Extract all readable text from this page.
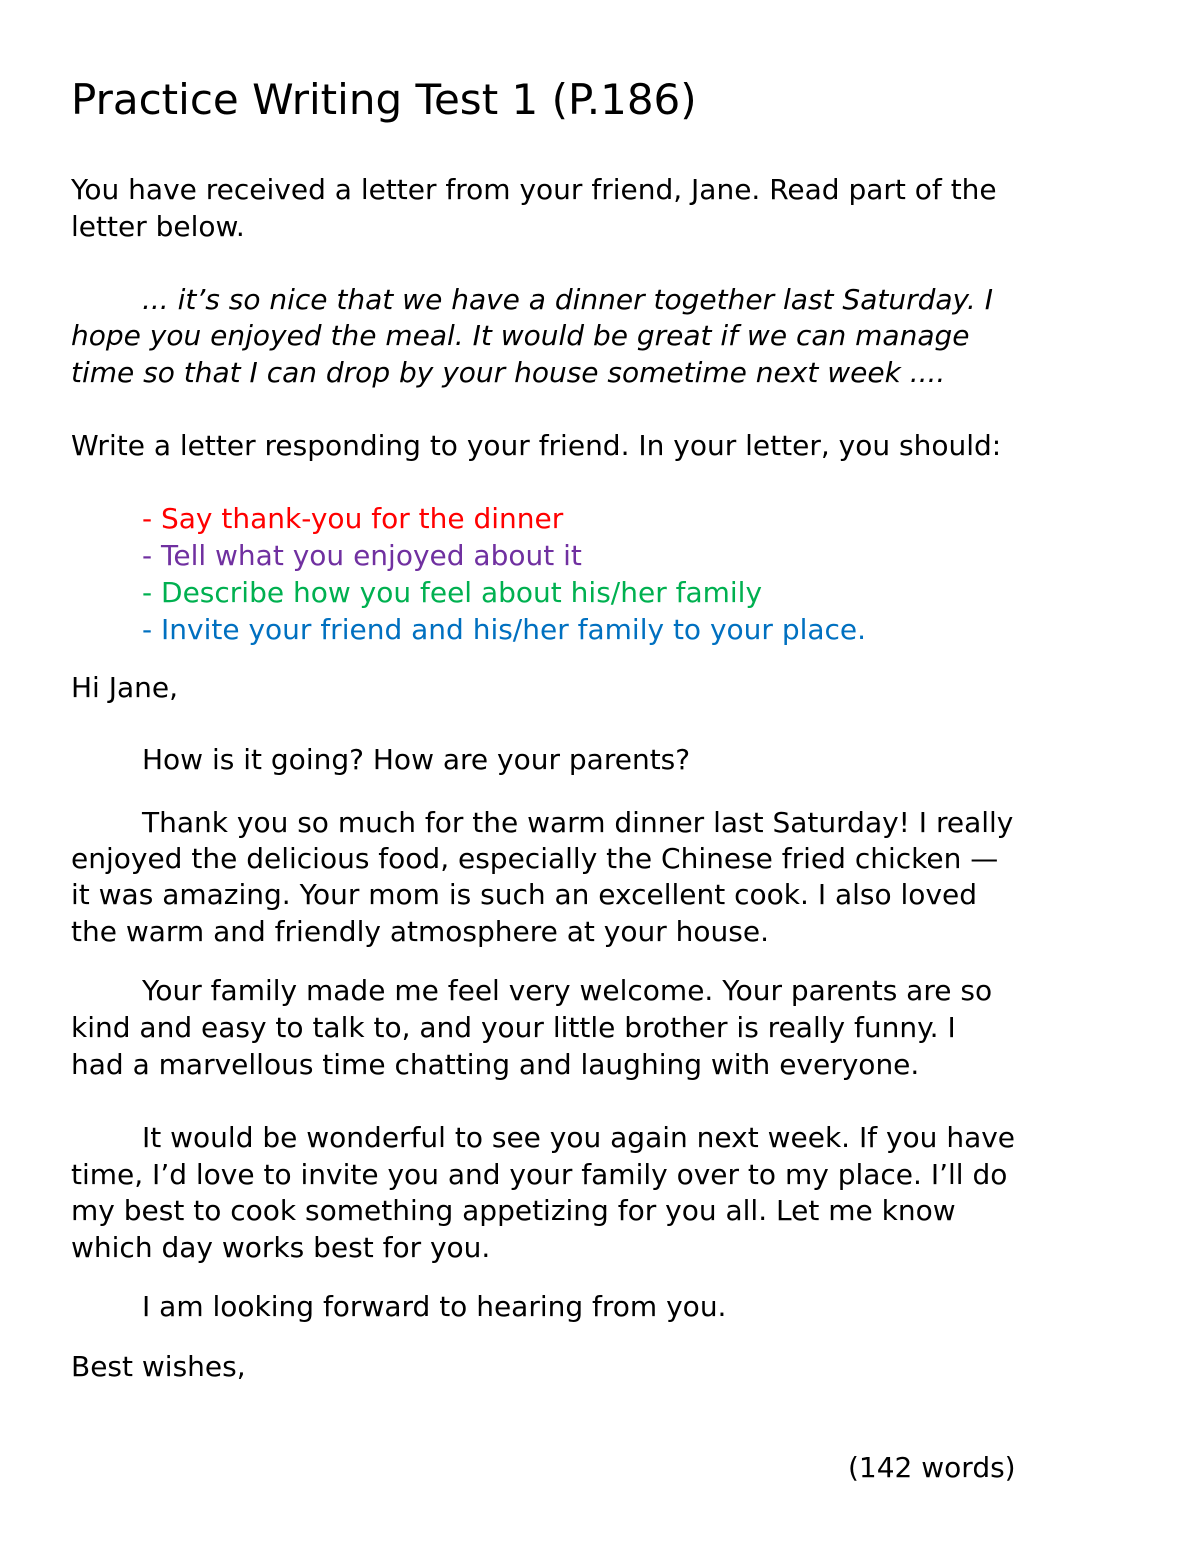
Practice Writing Test 1 (P.186)

You have received a letter from your friend, Jane. Read part of the

letter below.

... it’s so nice that we have a dinner together last Saturday. I

hope you enjoyed the meal. It would be great if we can manage

time so that I can drop by your house sometime next week ....

Write a letter responding to your friend. In your letter, you should:

- Say thank-you for the dinner

- Tell what you enjoyed about it

- Describe how you feel about his/her family

- Invite your friend and his/her family to your place.

Hi Jane,

How is it going? How are your parents?

Thank you so much for the warm dinner last Saturday! I really

enjoyed the delicious food, especially the Chinese fried chicken —

it was amazing. Your mom is such an excellent cook. I also loved

the warm and friendly atmosphere at your house.

Your family made me feel very welcome. Your parents are so

kind and easy to talk to, and your little brother is really funny. I

had a marvellous time chatting and laughing with everyone.

It would be wonderful to see you again next week. If you have

time, I’d love to invite you and your family over to my place. I’ll do

my best to cook something appetizing for you all. Let me know

which day works best for you.

I am looking forward to hearing from you.

Best wishes,

(142 words)
